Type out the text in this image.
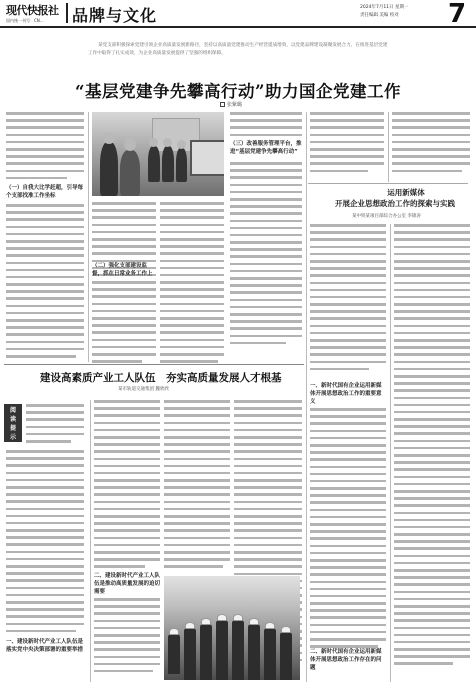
现代快报社
国内统一刊号：CN… 品牌与文化	2024年7月11日 星期一
责任编辑 美编 校对	7
某党支部积极探索党建引领企业高质量发展新路径，坚持以高质量党建推动生产经营提质增效，以党建品牌建设凝聚发展合力，在推进基层党建工作中取得了扎实成效，为企业高质量发展提供了坚强的组织保障。
“基层党建争先攀高行动”助力国企党建工作
张紫璐
（一）自我大比学赶超，引导每个支部找准工作坐标
（二）强化支部建设监督，抓在日常业务工作上
（三）改善服务管理平台，推进“基层党建争先攀高行动”
运用新媒体
开展企业思想政治工作的探索与实践
某中铁某项目部综合办公室 李锦涛
一、新时代国有企业运用新媒体开展思想政治工作的重要意义
二、新时代国有企业运用新媒体开展思想政治工作存在的问题
建设高素质产业工人队伍　夯实高质量发展人才根基
某市轨道交通集团 魏欣欣
阅
读
提
示
一、建设新时代产业工人队伍是落实党中央决策部署的重要举措
二、建设新时代产业工人队伍是推动高质量发展的迫切需要
